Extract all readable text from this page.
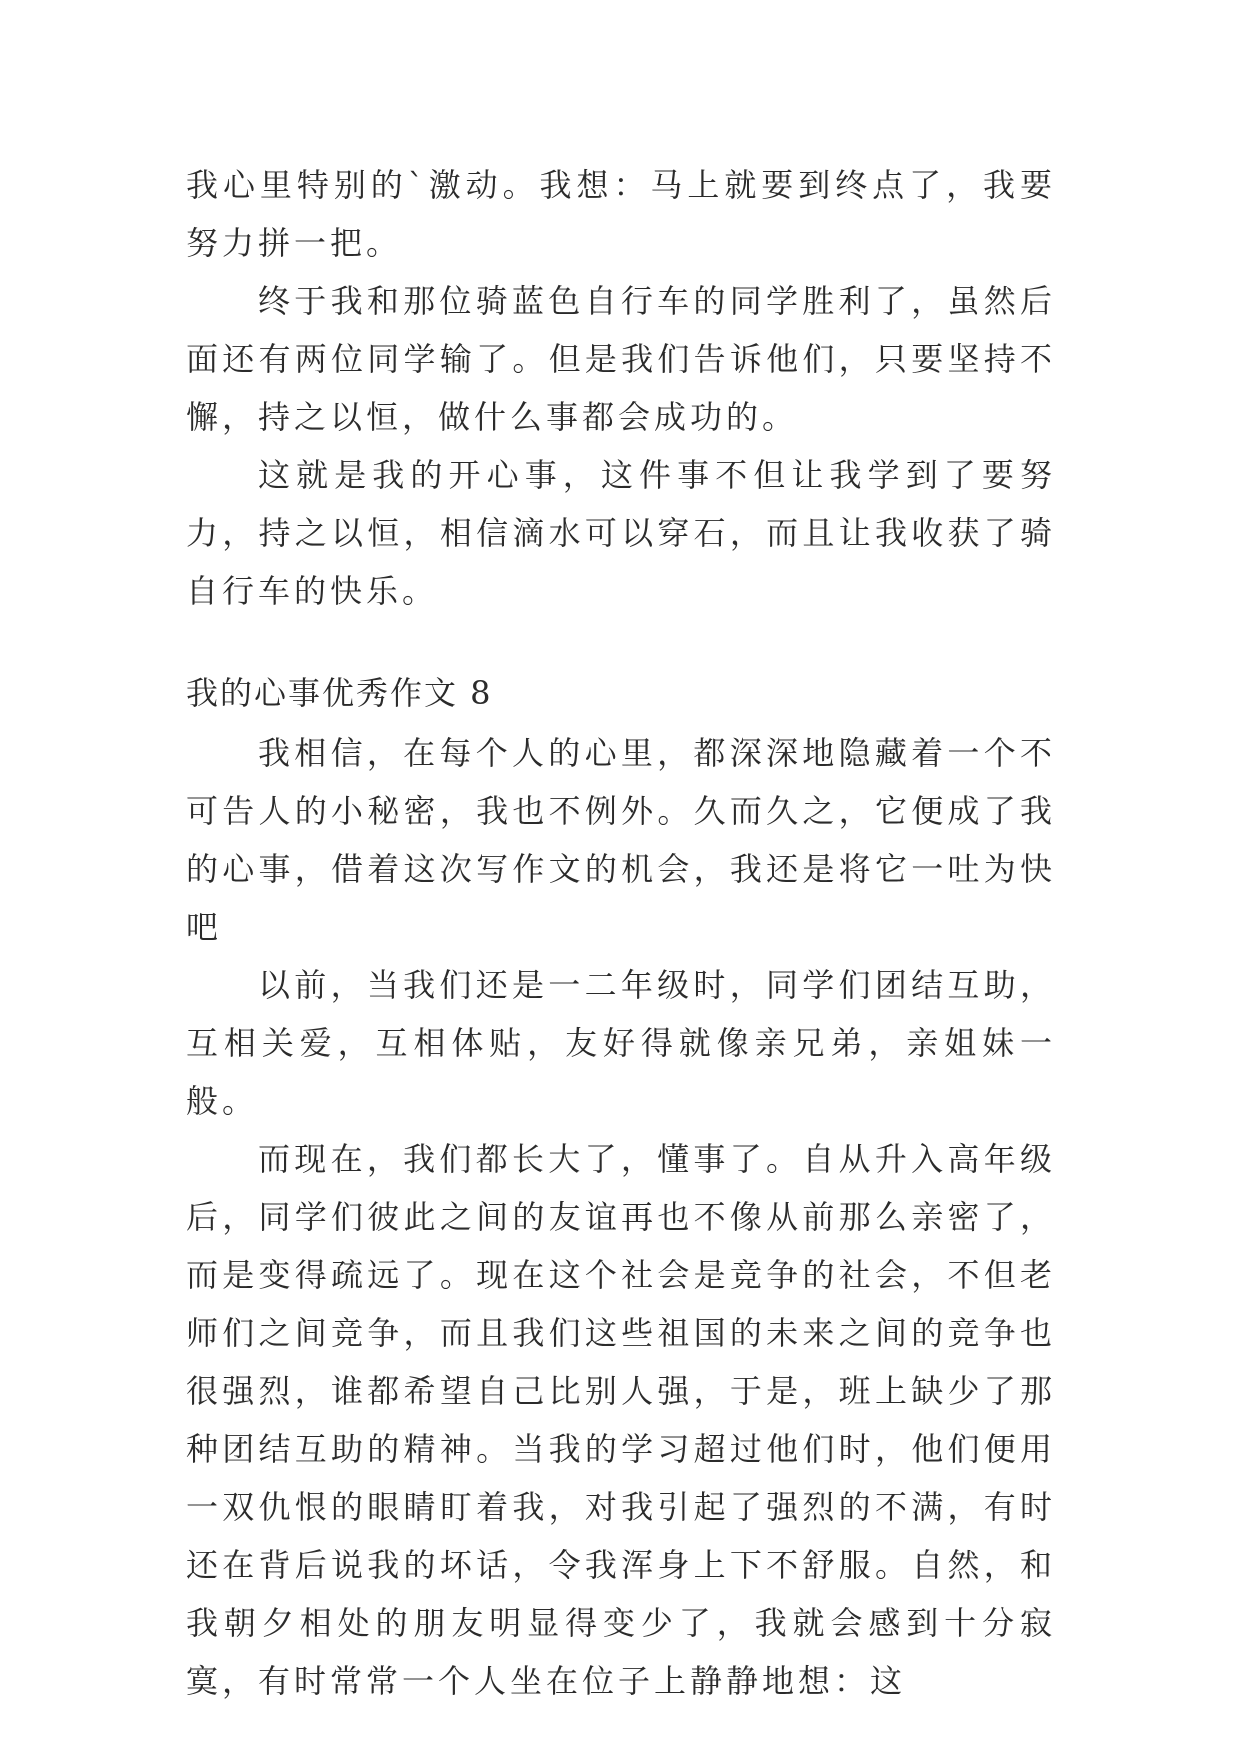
我心里特别的`激动。我想：马上就要到终点了，我要努力拼一把。

终于我和那位骑蓝色自行车的同学胜利了，虽然后面还有两位同学输了。但是我们告诉他们，只要坚持不懈，持之以恒，做什么事都会成功的。

这就是我的开心事，这件事不但让我学到了要努力，持之以恒，相信滴水可以穿石，而且让我收获了骑自行车的快乐。

我的心事优秀作文 8

我相信，在每个人的心里，都深深地隐藏着一个不可告人的小秘密，我也不例外。久而久之，它便成了我的心事，借着这次写作文的机会，我还是将它一吐为快吧

以前，当我们还是一二年级时，同学们团结互助，互相关爱，互相体贴，友好得就像亲兄弟，亲姐妹一般。

而现在，我们都长大了，懂事了。自从升入高年级后，同学们彼此之间的友谊再也不像从前那么亲密了，而是变得疏远了。现在这个社会是竞争的社会，不但老师们之间竞争，而且我们这些祖国的未来之间的竞争也很强烈，谁都希望自己比别人强，于是，班上缺少了那种团结互助的精神。当我的学习超过他们时，他们便用一双仇恨的眼睛盯着我，对我引起了强烈的不满，有时还在背后说我的坏话，令我浑身上下不舒服。自然，和我朝夕相处的朋友明显得变少了，我就会感到十分寂寞，有时常常一个人坐在位子上静静地想：这
